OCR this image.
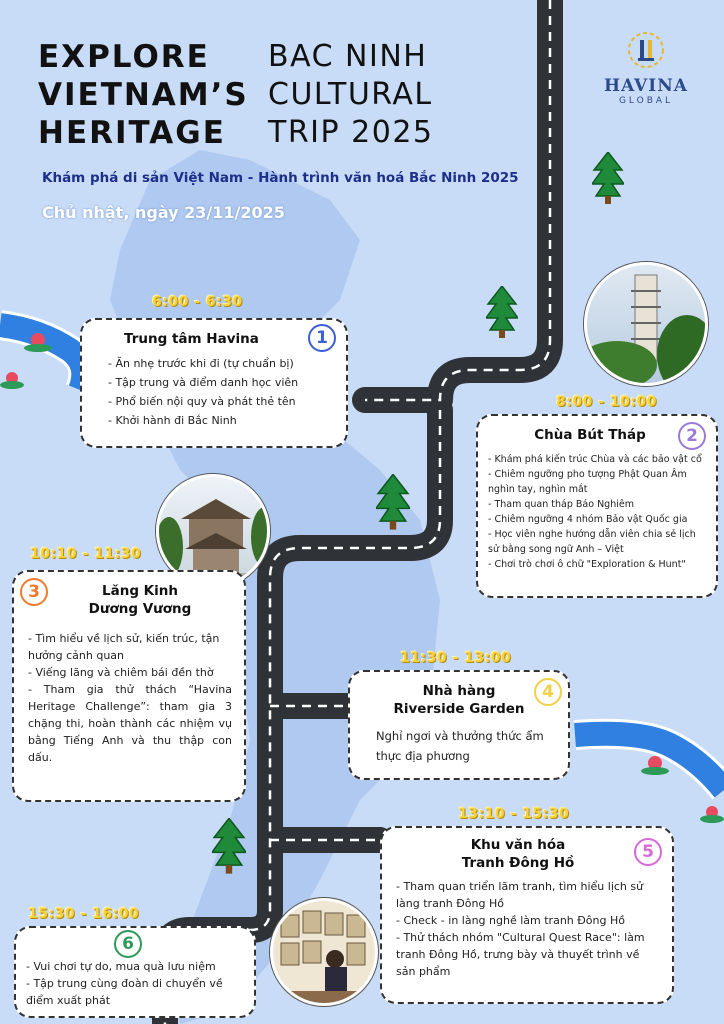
EXPLORE
VIETNAM’S
HERITAGE
BAC NINH
CULTURAL
TRIP 2025
HAVINA
GLOBAL

Khám phá di sản Việt Nam - Hành trình văn hoá Bắc Ninh 2025

Chủ nhật, ngày 23/11/2025

6:00 - 6:30
8:00 - 10:00
10:10 - 11:30
11:30 - 13:00
13:10 - 15:30
15:30 - 16:00

Trung tâm Havina

- Ăn nhẹ trước khi đi (tự chuẩn bị)
- Tập trung và điểm danh học viên
- Phổ biến nội quy và phát thẻ tên
- Khởi hành đi Bắc Ninh
1

Chùa Bút Tháp

- Khám phá kiến trúc Chùa và các bảo vật cổ
- Chiêm ngưỡng pho tượng Phật Quan Âm nghìn tay, nghìn mắt
- Tham quan tháp Báo Nghiêm
- Chiêm ngưỡng 4 nhóm Bảo vật Quốc gia
- Học viên nghe hướng dẫn viên chia sẻ lịch sử bằng song ngữ Anh – Việt
- Chơi trò chơi ô chữ "Exploration & Hunt"
2

Lăng Kinh

Dương Vương

- Tìm hiểu về lịch sử, kiến trúc, tận hưởng cảnh quan
- Viếng lăng và chiêm bái đền thờ
- Tham gia thử thách “Havina Heritage Challenge”: tham gia 3 chặng thi, hoàn thành các nhiệm vụ bằng Tiếng Anh và thu thập con dấu.
3

Nhà hàng

Riverside Garden

Nghỉ ngơi và thưởng thức ẩm thực địa phương

4

Khu văn hóa

Tranh Đông Hồ

- Tham quan triển lãm tranh, tìm hiểu lịch sử làng tranh Đông Hồ
- Check - in làng nghề làm tranh Đông Hồ
- Thử thách nhóm "Cultural Quest Race": làm tranh Đông Hồ, trưng bày và thuyết trình về sản phẩm
5
- Vui chơi tự do, mua quà lưu niệm
- Tập trung cùng đoàn di chuyển về điểm xuất phát
6
